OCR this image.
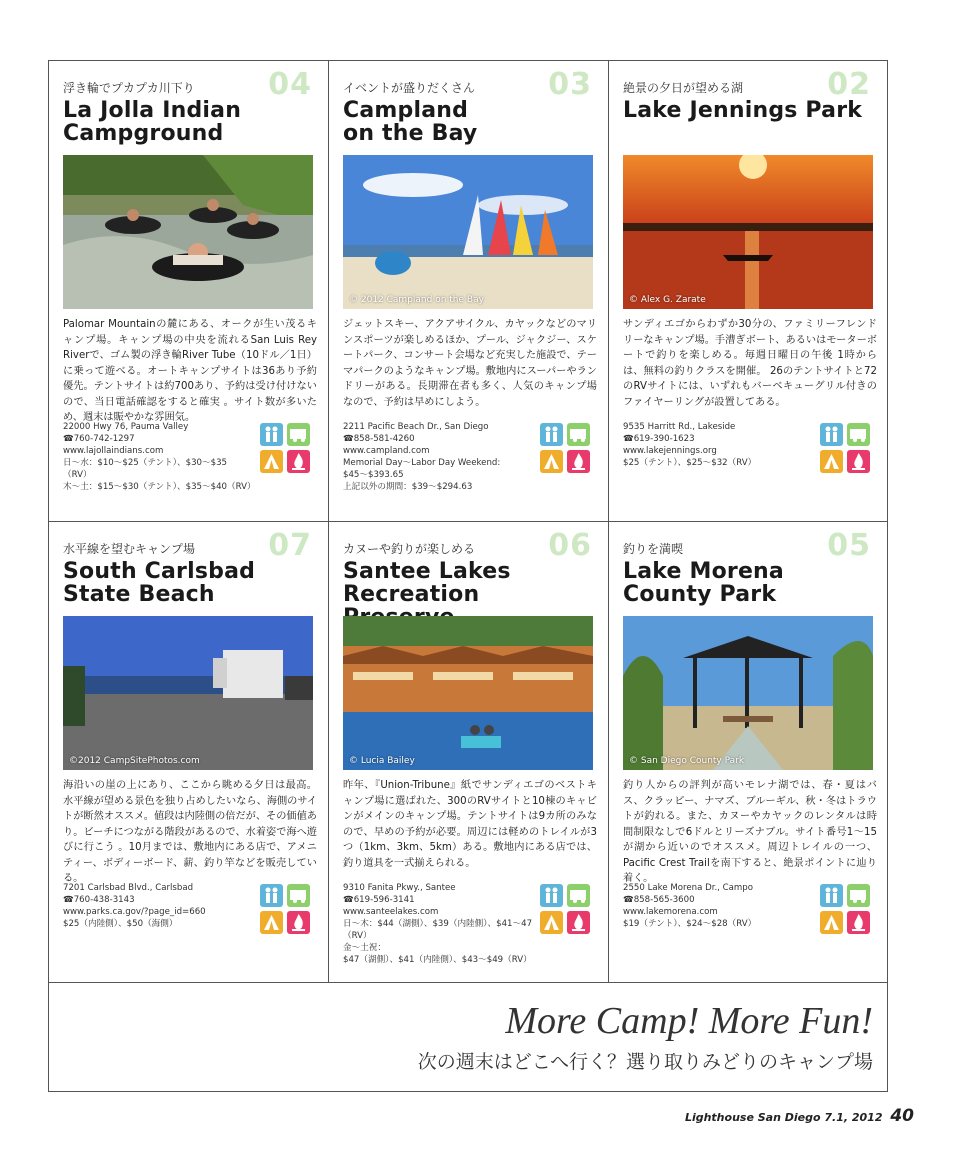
04
浮き輪でプカプカ川下り
La Jolla Indian
Campground
Palomar Mountainの麓にある、オークが生い茂るキャンプ場。キャンプ場の中央を流れるSan Luis Rey Riverで、ゴム製の浮き輪River Tube（10ドル／1日）に乗って遊べる。オートキャンプサイトは36あり予約優先。テントサイトは約700あり、予約は受け付けないので、当日電話確認をすると確実 。サイト数が多いため、週末は賑やかな雰囲気。
22000 Hwy 76, Pauma Valley
☎760-742-1297
www.lajollaindians.com
日～水：$10～$25（テント）、$30～$35（RV）
木～土：$15～$30（テント）、$35～$40（RV）
03
イベントが盛りだくさん
Campland
on the Bay
© 2012 Campland on the Bay
ジェットスキー、アクアサイクル、カヤックなどのマリンスポーツが楽しめるほか、プール、ジャクジー、スケートパーク、コンサート会場など充実した施設で、テーマパークのようなキャンプ場。敷地内にスーパーやランドリーがある。長期滞在者も多く、人気のキャンプ場なので、予約は早めにしよう。
2211 Pacific Beach Dr., San Diego
☎858-581-4260
www.campland.com
Memorial Day～Labor Day Weekend:
$45～$393.65
上記以外の期間：$39～$294.63
02
絶景の夕日が望める湖
Lake Jennings Park
© Alex G. Zarate
サンディエゴからわずか30分の、ファミリーフレンドリーなキャンプ場。手漕ぎボート、あるいはモーターボートで釣りを楽しめる。毎週日曜日の午後 1時からは、無料の釣りクラスを開催。 26のテントサイトと72のRVサイトには、いずれもバーベキューグリル付きのファイヤーリングが設置してある。
9535 Harritt Rd., Lakeside
☎619-390-1623
www.lakejennings.org
$25（テント）、$25～$32（RV）
07
水平線を望むキャンプ場
South Carlsbad
State Beach
©2012 CampSitePhotos.com
海沿いの崖の上にあり、ここから眺める夕日は最高。水平線が望める景色を独り占めしたいなら、海側のサイトが断然オススメ。値段は内陸側の倍だが、その価値あり。ビーチにつながる階段があるので、水着姿で海へ遊びに行こう 。10月までは、敷地内にある店で、アメニティー、ボディーボード、薪、釣り竿などを販売している。
7201 Carlsbad Blvd., Carlsbad
☎760-438-3143
www.parks.ca.gov/?page_id=660
$25（内陸側）、$50（海側）
06
カヌーや釣りが楽しめる
Santee Lakes
Recreation
© Lucia Bailey
昨年、『Union-Tribune』紙でサンディエゴのベストキャンプ場に選ばれた、300のRVサイトと10棟のキャビンがメインのキャンプ場。テントサイトは9カ所のみなので、早めの予約が必要。周辺には軽めのトレイルが3つ（1km、3km、5km）ある。敷地内にある店では、釣り道具を一式揃えられる。
9310 Fanita Pkwy., Santee
☎619-596-3141
www.santeelakes.com
日～木：$44（湖側）、$39（内陸側）、$41～47（RV）
金～土祝：
$47（湖側）、$41（内陸側）、$43～$49（RV）
05
釣りを満喫
Lake Morena
County Park
© San Diego County Park
釣り人からの評判が高いモレナ湖では、春・夏はバス、クラッピー、ナマズ、ブルーギル、秋・冬はトラウトが釣れる。また、カヌーやカヤックのレンタルは時間制限なしで6ドルとリーズナブル。サイト番号1～15が湖から近いのでオススメ。周辺トレイルの一つ、Pacific Crest Trailを南下すると、絶景ポイントに辿り着く。
2550 Lake Morena Dr., Campo
☎858-565-3600
www.lakemorena.com
$19（テント）、$24～$28（RV）
More Camp! More Fun!
次の週末はどこへ行く？選り取りみどりのキャンプ場
Lighthouse San Diego 7.1, 2012 40
